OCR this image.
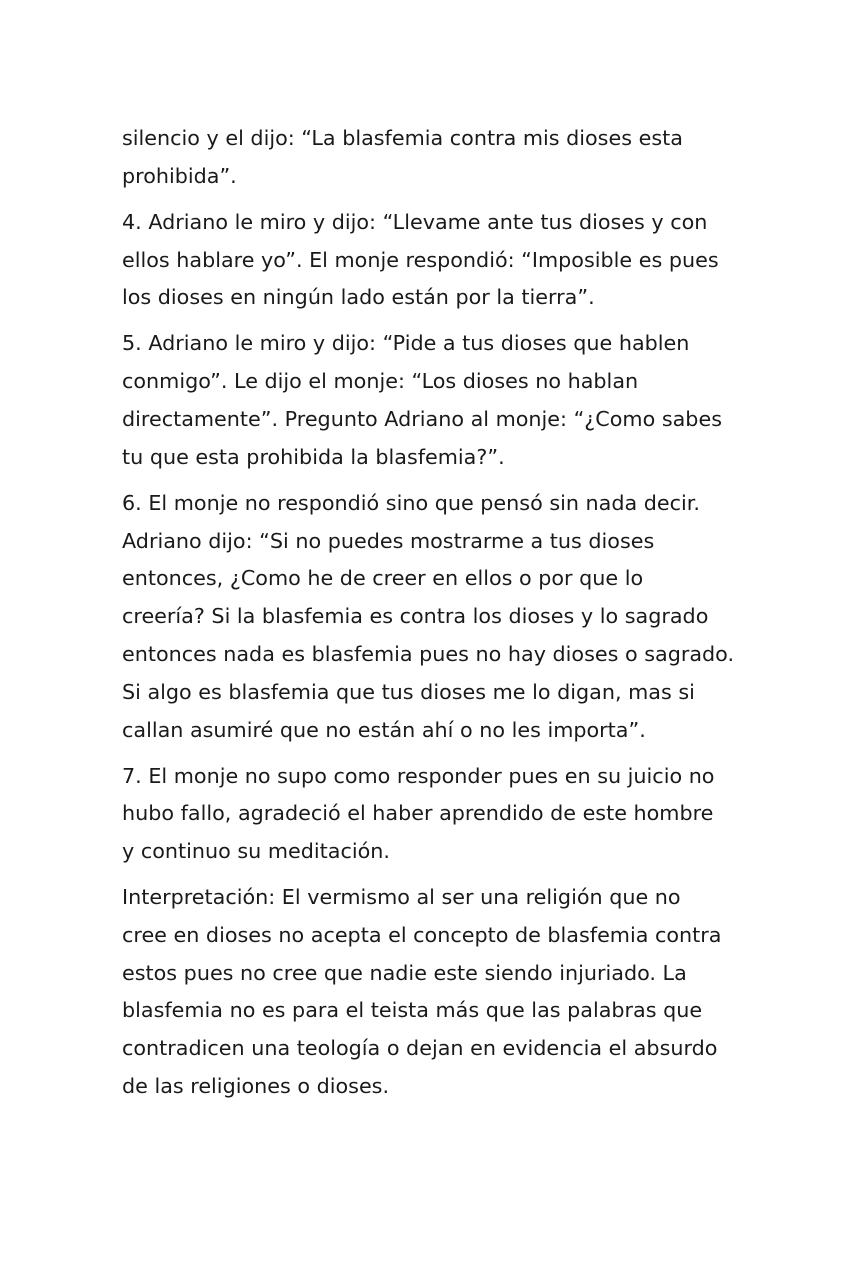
silencio y el dijo: “La blasfemia contra mis dioses esta
prohibida”.

4. Adriano le miro y dijo: “Llevame ante tus dioses y con
ellos hablare yo”. El monje respondió: “Imposible es pues
los dioses en ningún lado están por la tierra”.

5. Adriano le miro y dijo: “Pide a tus dioses que hablen
conmigo”. Le dijo el monje: “Los dioses no hablan
directamente”. Pregunto Adriano al monje: “¿Como sabes
tu que esta prohibida la blasfemia?”.

6. El monje no respondió sino que pensó sin nada decir.
Adriano dijo: “Si no puedes mostrarme a tus dioses
entonces, ¿Como he de creer en ellos o por que lo
creería? Si la blasfemia es contra los dioses y lo sagrado
entonces nada es blasfemia pues no hay dioses o sagrado.
Si algo es blasfemia que tus dioses me lo digan, mas si
callan asumiré que no están ahí o no les importa”.

7. El monje no supo como responder pues en su juicio no
hubo fallo, agradeció el haber aprendido de este hombre
y continuo su meditación.

Interpretación: El vermismo al ser una religión que no
cree en dioses no acepta el concepto de blasfemia contra
estos pues no cree que nadie este siendo injuriado. La
blasfemia no es para el teista más que las palabras que
contradicen una teología o dejan en evidencia el absurdo
de las religiones o dioses.
